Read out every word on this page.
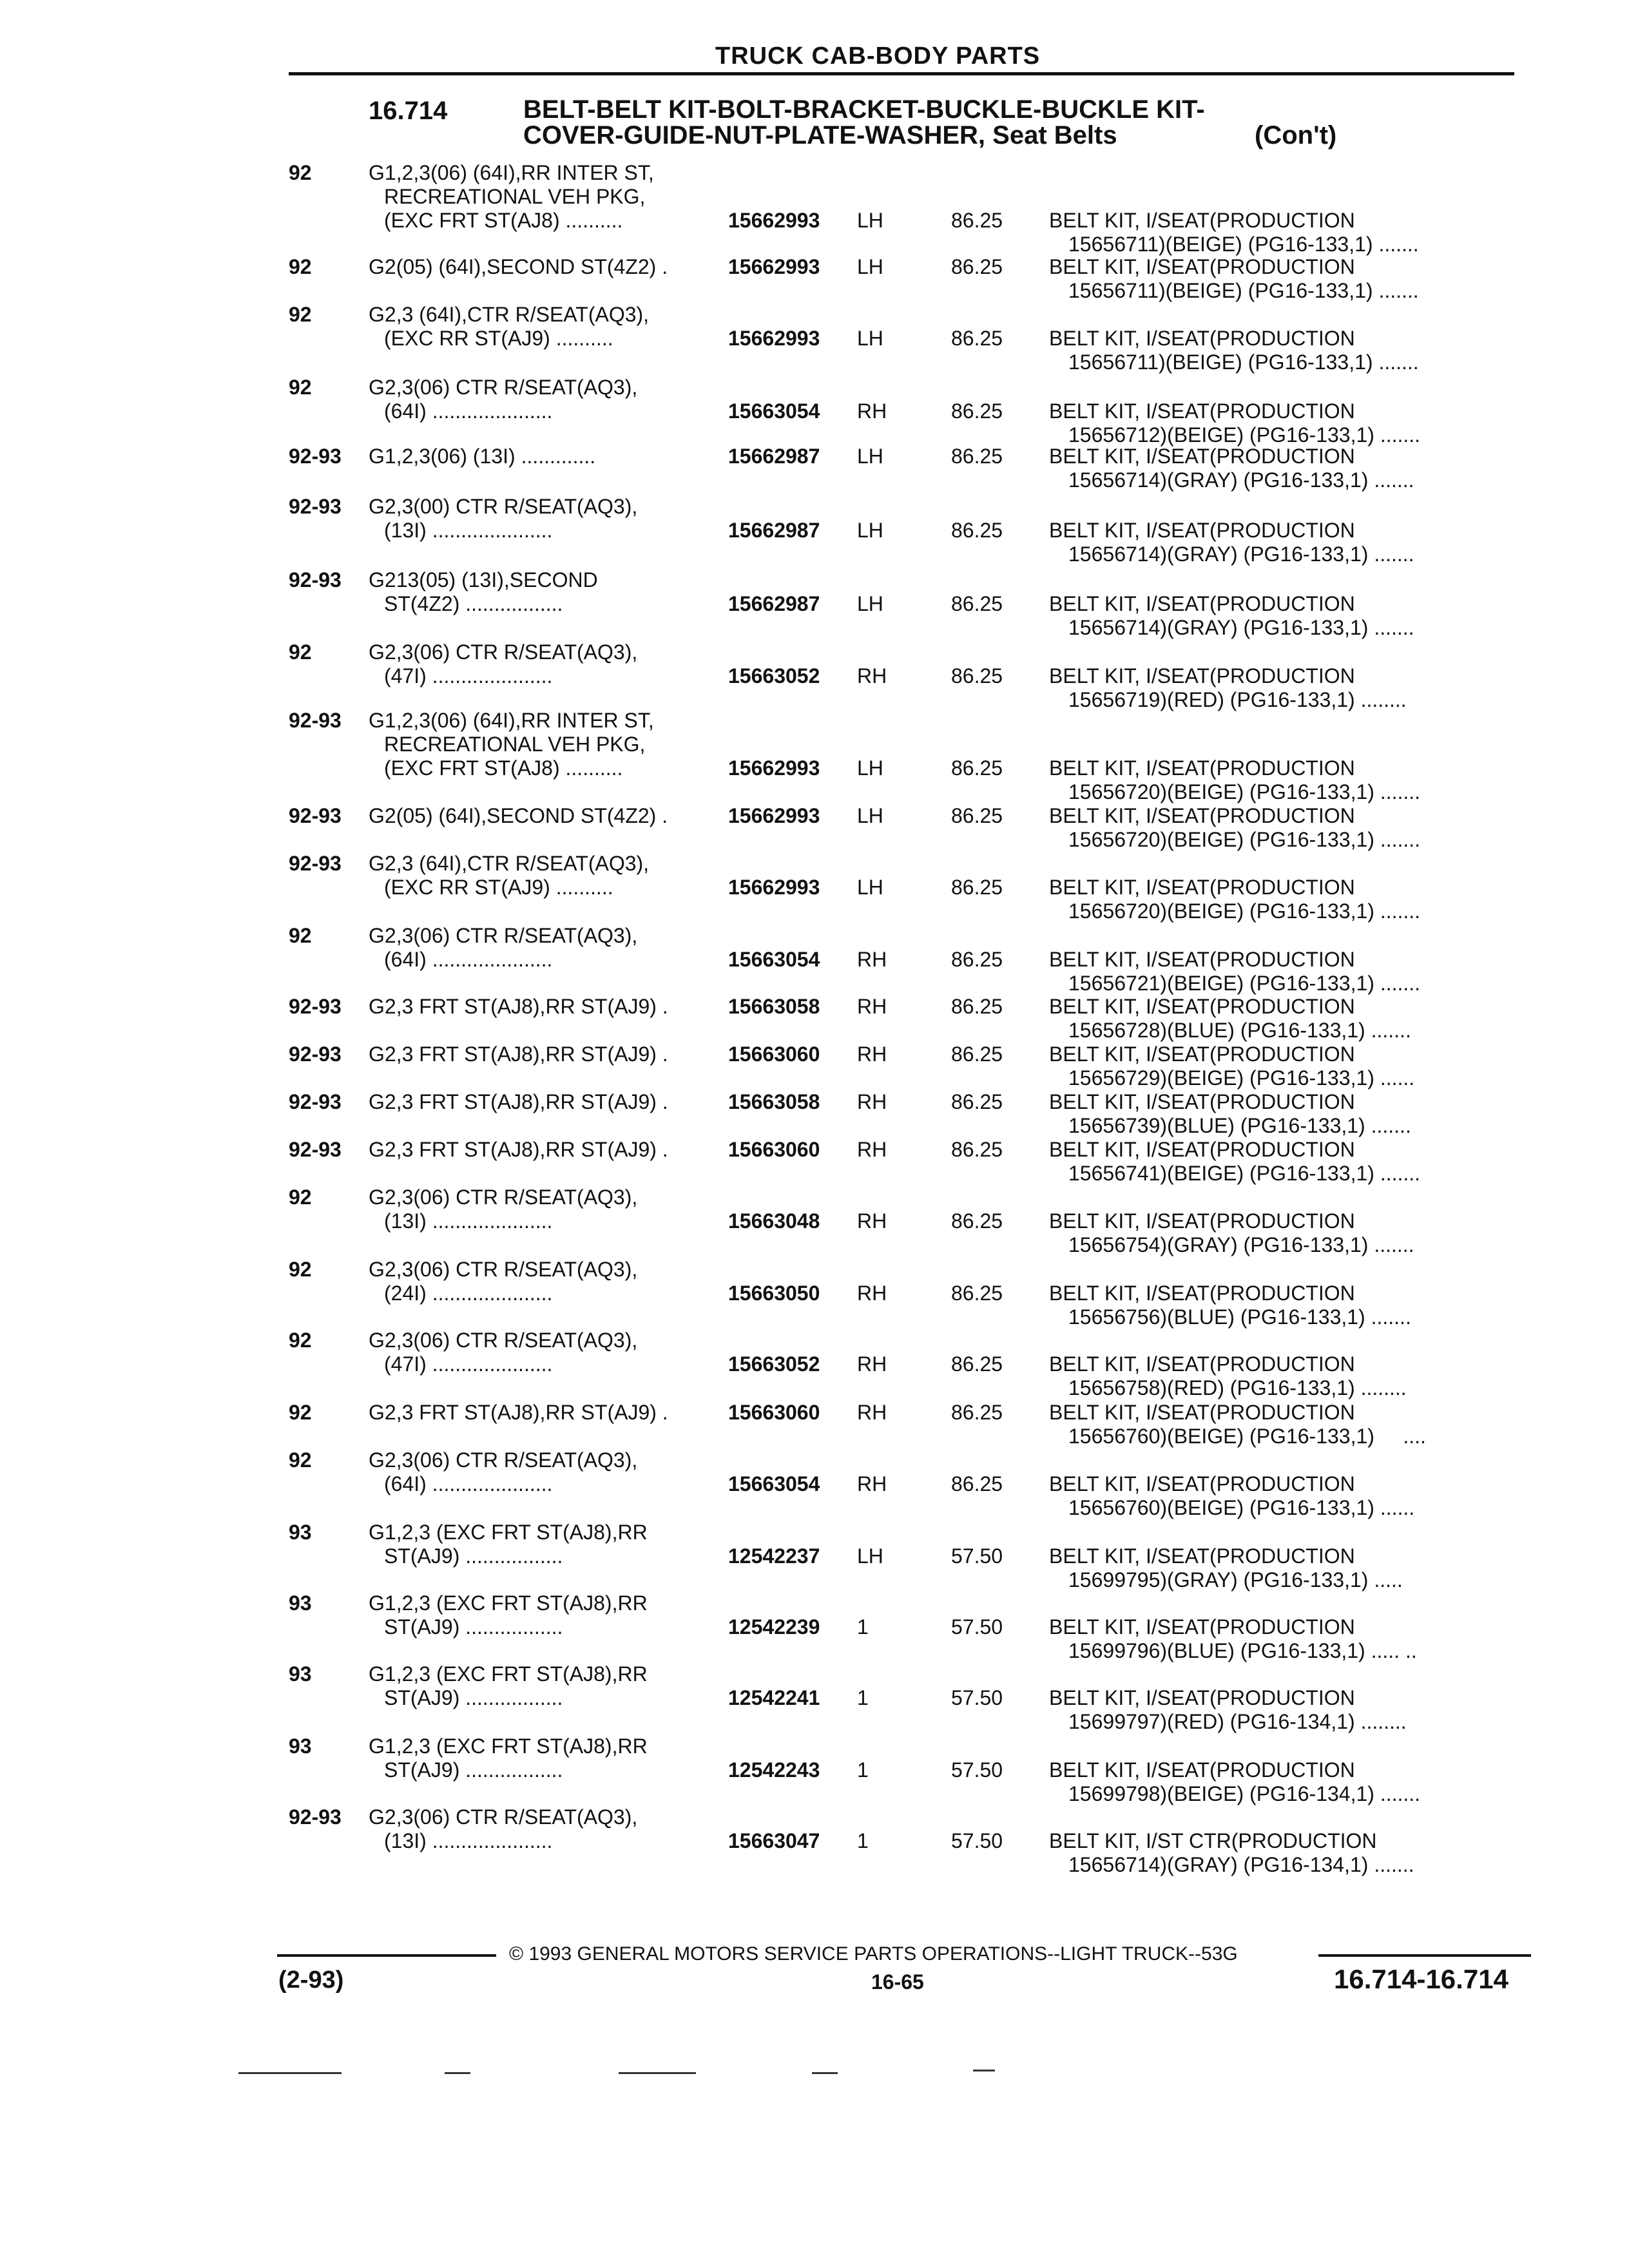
TRUCK CAB-BODY PARTS
16.714	BELT-BELT KIT-BOLT-BRACKET-BUCKLE-BUCKLE KIT-
COVER-GUIDE-NUT-PLATE-WASHER, Seat Belts	(Con't)
92	G1,2,3(06) (64I),RR INTER ST,
RECREATIONAL VEH PKG,
(EXC FRT ST(AJ8) ..........	15662993 LH	86.25 BELT KIT, I/SEAT(PRODUCTION
15656711)(BEIGE) (PG16-133,1) .......
92	G2(05) (64I),SECOND ST(4Z2) .	15662993 LH	86.25 BELT KIT, I/SEAT(PRODUCTION
15656711)(BEIGE) (PG16-133,1) .......
92	G2,3 (64I),CTR R/SEAT(AQ3),
(EXC RR ST(AJ9) ..........	15662993 LH	86.25 BELT KIT, I/SEAT(PRODUCTION
15656711)(BEIGE) (PG16-133,1) .......
92	G2,3(06) CTR R/SEAT(AQ3),
(64I) .....................	15663054 RH	86.25 BELT KIT, I/SEAT(PRODUCTION
15656712)(BEIGE) (PG16-133,1) .......
92-93 G1,2,3(06) (13I) .............	15662987 LH	86.25 BELT KIT, I/SEAT(PRODUCTION
15656714)(GRAY) (PG16-133,1) .......
92-93 G2,3(00) CTR R/SEAT(AQ3),
(13I) .....................	15662987 LH	86.25 BELT KIT, I/SEAT(PRODUCTION
15656714)(GRAY) (PG16-133,1) .......
92-93 G213(05) (13I),SECOND
ST(4Z2) .................	15662987 LH	86.25 BELT KIT, I/SEAT(PRODUCTION
15656714)(GRAY) (PG16-133,1) .......
92	G2,3(06) CTR R/SEAT(AQ3),
(47I) .....................	15663052 RH	86.25 BELT KIT, I/SEAT(PRODUCTION
15656719)(RED) (PG16-133,1) ........
92-93 G1,2,3(06) (64I),RR INTER ST,
RECREATIONAL VEH PKG,
(EXC FRT ST(AJ8) ..........	15662993 LH	86.25 BELT KIT, I/SEAT(PRODUCTION
15656720)(BEIGE) (PG16-133,1) .......
92-93 G2(05) (64I),SECOND ST(4Z2) .	15662993 LH	86.25 BELT KIT, I/SEAT(PRODUCTION
15656720)(BEIGE) (PG16-133,1) .......
92-93 G2,3 (64I),CTR R/SEAT(AQ3),
(EXC RR ST(AJ9) ..........	15662993 LH	86.25 BELT KIT, I/SEAT(PRODUCTION
15656720)(BEIGE) (PG16-133,1) .......
92	G2,3(06) CTR R/SEAT(AQ3),
(64I) .....................	15663054 RH	86.25 BELT KIT, I/SEAT(PRODUCTION
15656721)(BEIGE) (PG16-133,1) .......
92-93 G2,3 FRT ST(AJ8),RR ST(AJ9) .	15663058 RH	86.25 BELT KIT, I/SEAT(PRODUCTION
15656728)(BLUE) (PG16-133,1) .......
92-93 G2,3 FRT ST(AJ8),RR ST(AJ9) .	15663060 RH	86.25 BELT KIT, I/SEAT(PRODUCTION
15656729)(BEIGE) (PG16-133,1) ......
92-93 G2,3 FRT ST(AJ8),RR ST(AJ9) .	15663058 RH	86.25 BELT KIT, I/SEAT(PRODUCTION
15656739)(BLUE) (PG16-133,1) .......
92-93 G2,3 FRT ST(AJ8),RR ST(AJ9) .	15663060 RH	86.25 BELT KIT, I/SEAT(PRODUCTION
15656741)(BEIGE) (PG16-133,1) .......
92	G2,3(06) CTR R/SEAT(AQ3),
(13I) .....................	15663048 RH	86.25 BELT KIT, I/SEAT(PRODUCTION
15656754)(GRAY) (PG16-133,1) .......
92	G2,3(06) CTR R/SEAT(AQ3),
(24I) .....................	15663050 RH	86.25 BELT KIT, I/SEAT(PRODUCTION
15656756)(BLUE) (PG16-133,1) .......
92	G2,3(06) CTR R/SEAT(AQ3),
(47I) .....................	15663052 RH	86.25 BELT KIT, I/SEAT(PRODUCTION
15656758)(RED) (PG16-133,1) ........
92	G2,3 FRT ST(AJ8),RR ST(AJ9) .	15663060 RH	86.25 BELT KIT, I/SEAT(PRODUCTION
15656760)(BEIGE) (PG16-133,1)     ....
92	G2,3(06) CTR R/SEAT(AQ3),
(64I) .....................	15663054 RH	86.25 BELT KIT, I/SEAT(PRODUCTION
15656760)(BEIGE) (PG16-133,1) ......
93	G1,2,3 (EXC FRT ST(AJ8),RR
ST(AJ9) .................	12542237 LH	57.50 BELT KIT, I/SEAT(PRODUCTION
15699795)(GRAY) (PG16-133,1) .....
93	G1,2,3 (EXC FRT ST(AJ8),RR
ST(AJ9) .................	12542239 1	57.50 BELT KIT, I/SEAT(PRODUCTION
15699796)(BLUE) (PG16-133,1) ..... ..
93	G1,2,3 (EXC FRT ST(AJ8),RR
ST(AJ9) .................	12542241 1	57.50 BELT KIT, I/SEAT(PRODUCTION
15699797)(RED) (PG16-134,1) ........
93	G1,2,3 (EXC FRT ST(AJ8),RR
ST(AJ9) .................	12542243 1	57.50 BELT KIT, I/SEAT(PRODUCTION
15699798)(BEIGE) (PG16-134,1) .......
92-93 G2,3(06) CTR R/SEAT(AQ3),
(13I) .....................	15663047 1	57.50 BELT KIT, I/ST CTR(PRODUCTION
15656714)(GRAY) (PG16-134,1) .......
© 1993 GENERAL MOTORS SERVICE PARTS OPERATIONS--LIGHT TRUCK--53G
(2-93)	16-65	16.714-16.714
